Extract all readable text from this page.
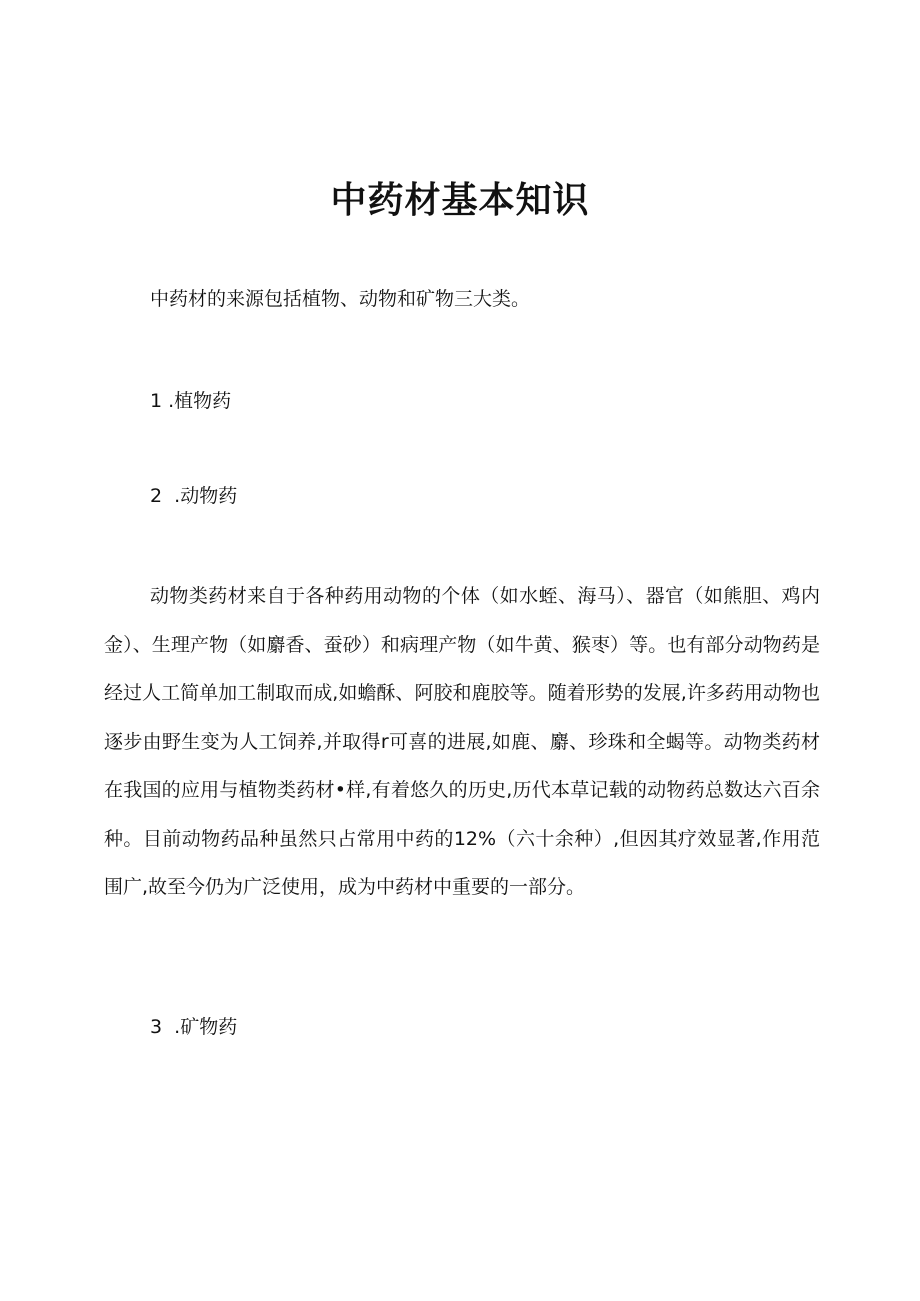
中药材基本知识

中药材的来源包括植物、动物和矿物三大类。

1 .植物药

2  .动物药

动物类药材来自于各种药用动物的个体（如水蛭、海马）、器官（如熊胆、鸡内金）、生理产物（如麝香、蚕砂）和病理产物（如牛黄、猴枣）等。也有部分动物药是经过人工简单加工制取而成,如蟾酥、阿胶和鹿胶等。随着形势的发展,许多药用动物也逐步由野生变为人工饲养,并取得r可喜的进展,如鹿、麝、珍珠和全蝎等。动物类药材在我国的应用与植物类药材•样,有着悠久的历史,历代本草记载的动物药总数达六百余种。目前动物药品种虽然只占常用中药的12%（六十余种）,但因其疗效显著,作用范围广,故至今仍为广泛使用，成为中药材中重要的一部分。

3  .矿物药
